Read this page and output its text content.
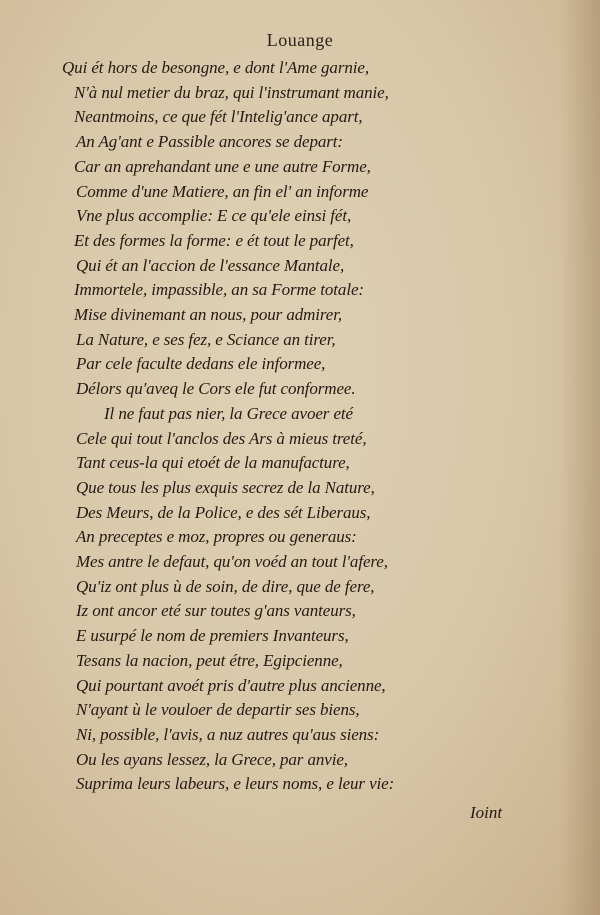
Louange
Qui ét hors de besongne, e dont l'Ame garnie,
N'à nul metier du braz, qui l'instrumant manie,
Neantmoins, ce que fét l'Intelig'ance apart,
An Ag'ant e Passible ancores se depart:
Car an aprehandant une e une autre Forme,
Comme d'une Matiere, an fin el' an informe
Vne plus accomplie: E ce qu'ele einsi fét,
Et des formes la forme: e ét tout le parfet,
Qui ét an l'accion de l'essance Mantale,
Immortele, impassible, an sa Forme totale:
Mise divinemant an nous, pour admirer,
La Nature, e ses fez, e Sciance an tirer,
Par cele faculte dedans ele informee,
Délors qu'aveq le Cors ele fut conformee.
Il ne faut pas nier, la Grece avoer eté
Cele qui tout l'anclos des Ars à mieus treté,
Tant ceus-la qui etoét de la manufacture,
Que tous les plus exquis secrez de la Nature,
Des Meurs, de la Police, e des sét Liberaus,
An preceptes e moz, propres ou generaus:
Mes antre le defaut, qu'on voéd an tout l'afere,
Qu'iz ont plus ù de soin, de dire, que de fere,
Iz ont ancor eté sur toutes g'ans vanteurs,
E usurpé le nom de premiers Invanteurs,
Tesans la nacion, peut étre, Egipcienne,
Qui pourtant avoét pris d'autre plus ancienne,
N'ayant ù le vouloer de departir ses biens,
Ni, possible, l'avis, a nuz autres qu'aus siens:
Ou les ayans lessez, la Grece, par anvie,
Suprima leurs labeurs, e leurs noms, e leur vie:
Ioint
